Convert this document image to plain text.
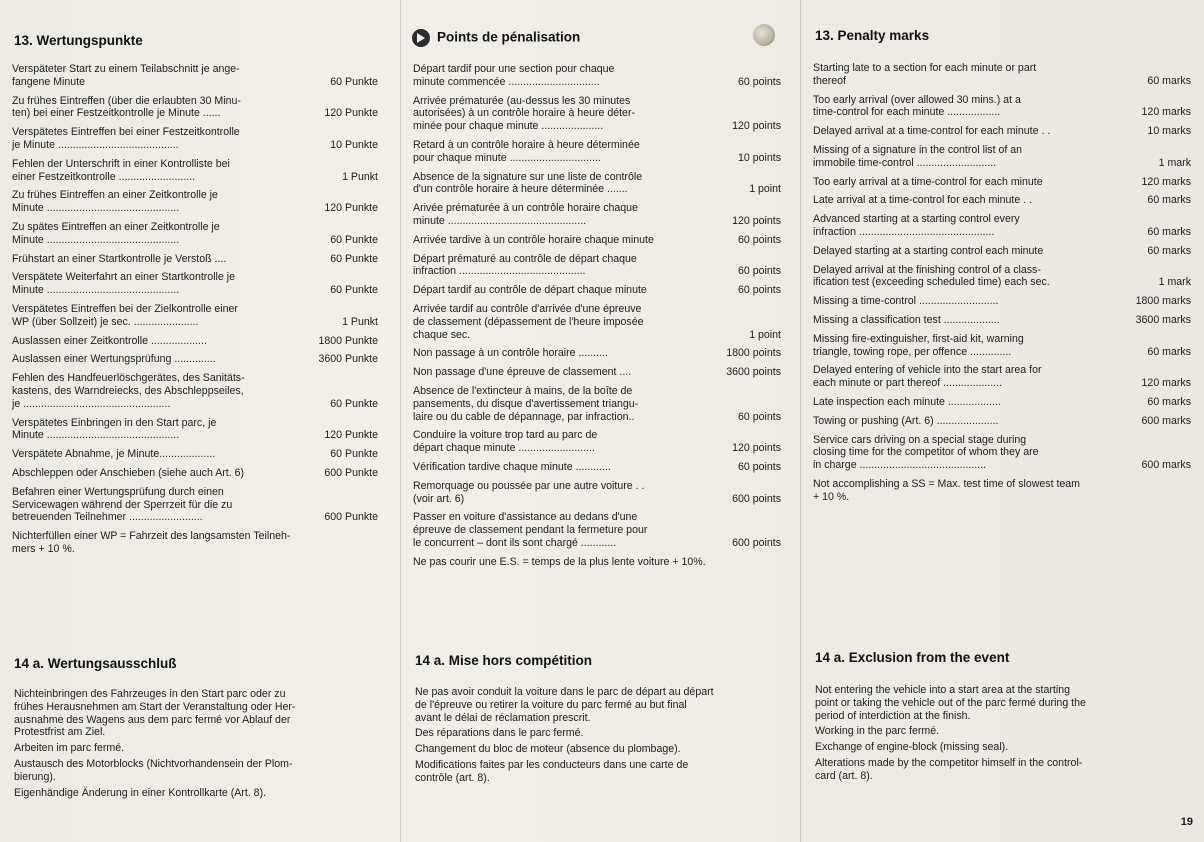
13. Wertungspunkte
Verspäteter Start zu einem Teilabschnitt je ange-
fangene Minute	60 Punkte
Zu frühes Eintreffen (über die erlaubten 30 Minu-
ten) bei einer Festzeitkontrolle je Minute ......	120 Punkte
Verspätetes Eintreffen bei einer Festzeitkontrolle
je Minute .........................................	10 Punkte
Fehlen der Unterschrift in einer Kontrolliste bei
einer Festzeitkontrolle ..........................	1 Punkt
Zu frühes Eintreffen an einer Zeitkontrolle je
Minute .............................................	120 Punkte
Zu spätes Eintreffen an einer Zeitkontrolle je
Minute .............................................	60 Punkte
Frühstart an einer Startkontrolle je Verstoß ....	60 Punkte
Verspätete Weiterfahrt an einer Startkontrolle je
Minute .............................................	60 Punkte
Verspätetes Eintreffen bei der Zielkontrolle einer
WP (über Sollzeit) je sec. ......................	1 Punkt
Auslassen einer Zeitkontrolle ...................	1800 Punkte
Auslassen einer Wertungsprüfung ..............	3600 Punkte
Fehlen des Handfeuerlöschgerätes, des Sanitäts-
kastens, des Warndreiecks, des Abschleppseiles,
je ..................................................	60 Punkte
Verspätetes Einbringen in den Start parc, je
Minute .............................................	120 Punkte
Verspätete Abnahme, je Minute...................	60 Punkte
Abschleppen oder Anschieben (siehe auch Art. 6)	600 Punkte
Befahren einer Wertungsprüfung durch einen
Servicewagen während der Sperrzeit für die zu
betreuenden Teilnehmer .........................	600 Punkte
Nichterfüllen einer WP = Fahrzeit des langsamsten Teilneh-
mers + 10 %.
14 a. Wertungsausschluß

Nichteinbringen des Fahrzeuges in den Start parc oder zu
frühes Herausnehmen am Start der Veranstaltung oder Her-
ausnahme des Wagens aus dem parc fermé vor Ablauf der
Protestfrist am Ziel.

Arbeiten im parc fermé.

Austausch des Motorblocks (Nichtvorhandensein der Plom-
bierung).

Eigenhändige Änderung in einer Kontrollkarte (Art. 8).

Points de pénalisation
Départ tardif pour une section pour chaque
minute commencée ...............................	60 points
Arrivée prématurée (au-dessus les 30 minutes
autorisées) à un contrôle horaire à heure déter-
minée pour chaque minute .....................	120 points
Retard à un contrôle horaire à heure déterminée
pour chaque minute ...............................	10 points
Absence de la signature sur une liste de contrôle
d'un contrôle horaire à heure déterminée .......	1 point
Arivée prématurée à un contrôle horaire chaque
minute ...............................................	120 points
Arrivée tardive à un contrôle horaire chaque minute	60 points
Départ prématuré au contrôle de départ chaque
infraction ...........................................	60 points
Départ tardif au contrôle de départ chaque minute	60 points
Arrivée tardif au contrôle d'arrivée d'une épreuve
de classement (dépassement de l'heure imposée
chaque sec.	1 point
Non passage à un contrôle horaire ..........	1800 points
Non passage d'une épreuve de classement ....	3600 points
Absence de l'extincteur à mains, de la boîte de
pansements, du disque d'avertissement triangu-
laire ou du cable de dépannage, par infraction..	60 points
Conduire la voiture trop tard au parc de
départ chaque minute ..........................	120 points
Vérification tardive chaque minute ............	60 points
Remorquage ou poussée par une autre voiture . .
(voir art. 6)	600 points
Passer en voiture d'assistance au dedans d'une
épreuve de classement pendant la fermeture pour
le concurrent – dont ils sont chargé ............	600 points
Ne pas courir une E.S. = temps de la plus lente voiture + 10%.
14 a. Mise hors compétition

Ne pas avoir conduit la voiture dans le parc de départ au départ
de l'épreuve ou retirer la voiture du parc fermé au but final
avant le délai de réclamation prescrit.

Des réparations dans le parc fermé.

Changement du bloc de moteur (absence du plombage).

Modifications faites par les conducteurs dans une carte de
contrôle (art. 8).

13. Penalty marks
Starting late to a section for each minute or part
thereof	60 marks
Too early arrival (over allowed 30 mins.) at a
time-control for each minute ..................	120 marks
Delayed arrival at a time-control for each minute . .	10 marks
Missing of a signature in the control list of an
immobile time-control ...........................	1 mark
Too early arrival at a time-control for each minute	120 marks
Late arrival at a time-control for each minute . .	60 marks
Advanced starting at a starting control every
infraction ..............................................	60 marks
Delayed starting at a starting control each minute	60 marks
Delayed arrival at the finishing control of a class-
ification test (exceeding scheduled time) each sec.	1 mark
Missing a time-control ...........................	1800 marks
Missing a classification test ...................	3600 marks
Missing fire-extinguisher, first-aid kit, warning
triangle, towing rope, per offence ..............	60 marks
Delayed entering of vehicle into the start area for
each minute or part thereof ....................	120 marks
Late inspection each minute ..................	60 marks
Towing or pushing (Art. 6) .....................	600 marks
Service cars driving on a special stage during
closing time for the competitor of whom they are
in charge ...........................................	600 marks
Not accomplishing a SS = Max. test time of slowest team
+ 10 %.
14 a. Exclusion from the event

Not entering the vehicle into a start area at the starting
point or taking the vehicle out of the parc fermé during the
period of interdiction at the finish.

Working in the parc fermé.

Exchange of engine-block (missing seal).

Alterations made by the competitor himself in the control-
card (art. 8).

19
